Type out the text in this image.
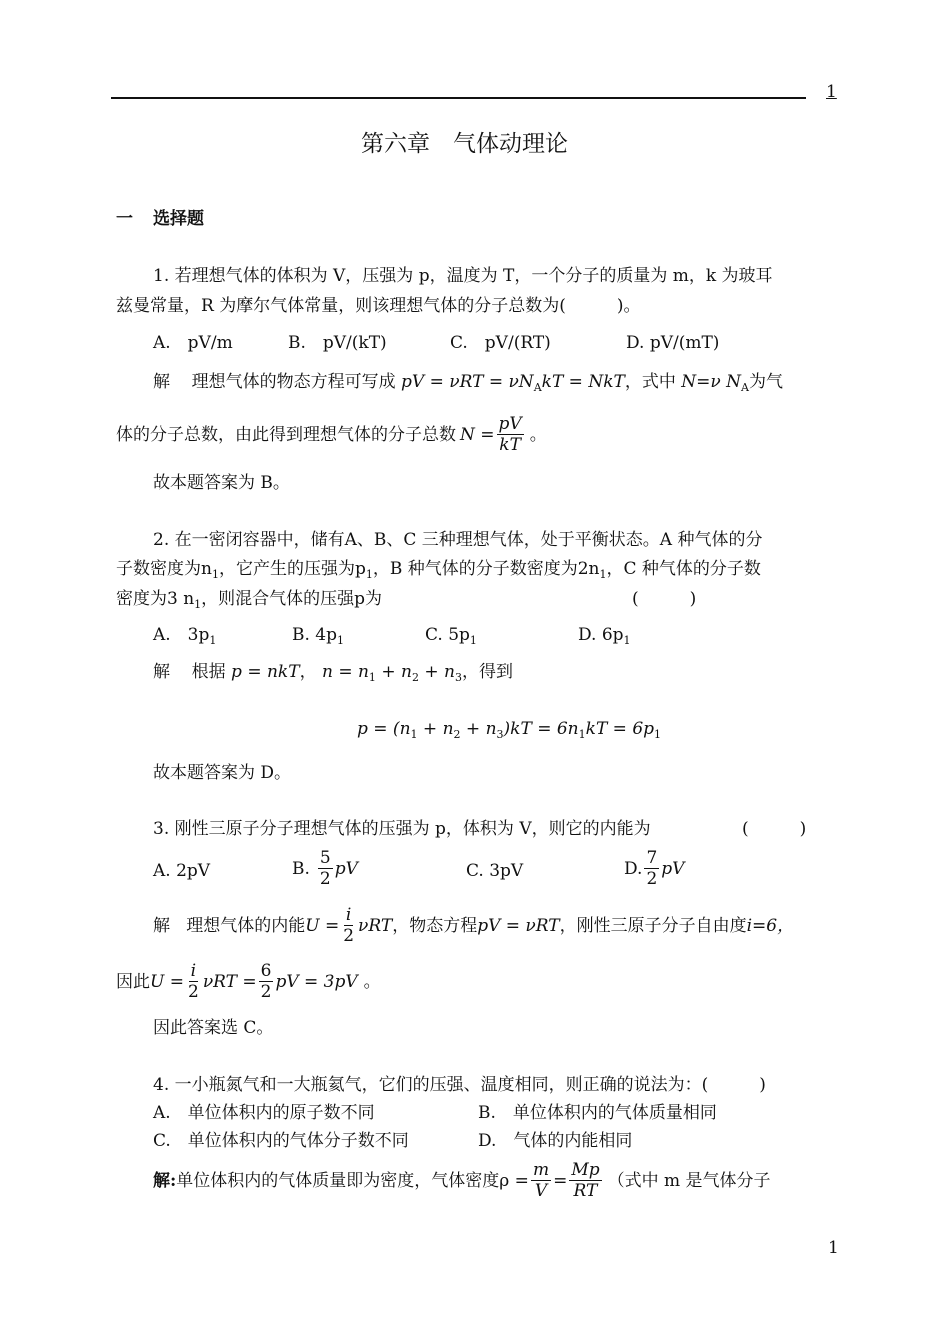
1
第六章　气体动理论
一 选择题
1. 若理想气体的体积为 V，压强为 p，温度为 T，一个分子的质量为 m，k 为玻耳
兹曼常量，R 为摩尔气体常量，则该理想气体的分子总数为(　　　)。
A.　pV/m	B.　pV/(kT)	C.　pV/(RT)	D. pV/(mT)
解 理想气体的物态方程可写成 pV = $\nu RT = \nu N_AkT$ = NkT，式中 N=ν $N_A$为气
体的分子总数，由此得到理想气体的分子总数 $N = \frac{pV}{kT}$ 。
故本题答案为 B。
2. 在一密闭容器中，储有A、B、C 三种理想气体，处于平衡状态。A 种气体的分
子数密度为$n_1$，它产生的压强为$p_1$，B 种气体的分子数密度为$2n_1$，C 种气体的分子数
密度为3 $n_1$，则混合气体的压强p为	(　　　)
A.　$3p_1$	B. $4p_1$	C. $5p_1$	D. $6p_1$
解 根据 p = nkT， $n = n_1 + n_2 + n_3$，得到
$p = (n_1 + n_2 + n_3)kT = 6n_1kT = 6p_1$
故本题答案为 D。
3. 刚性三原子分子理想气体的压强为 p，体积为 V，则它的内能为	(　　　)
A. 2pV	B. $\frac{5}{2}$ pV	C. 3pV	D. $\frac{7}{2}$ pV
解
理想气体的内能 $U = \frac{i}{2}$ νRT ，物态方程 pV = νRT ，刚性三原子分子自由度 i=6，
因此 $U = \frac{i}{2}$ $\nu RT = \frac{6}{2}$ pV = 3pV 。
因此答案选 C。
4. 一小瓶氮气和一大瓶氦气，它们的压强、温度相同，则正确的说法为：(　　　)
A.　单位体积内的原子数不同	B.　单位体积内的气体质量相同
C.　单位体积内的气体分子数不同	D.　气体的内能相同
解: 单位体积内的气体质量即为密度，气体密度 $\rho = \frac{m}{V} = \frac{Mp}{RT}$ （式中 m 是气体分子
1
